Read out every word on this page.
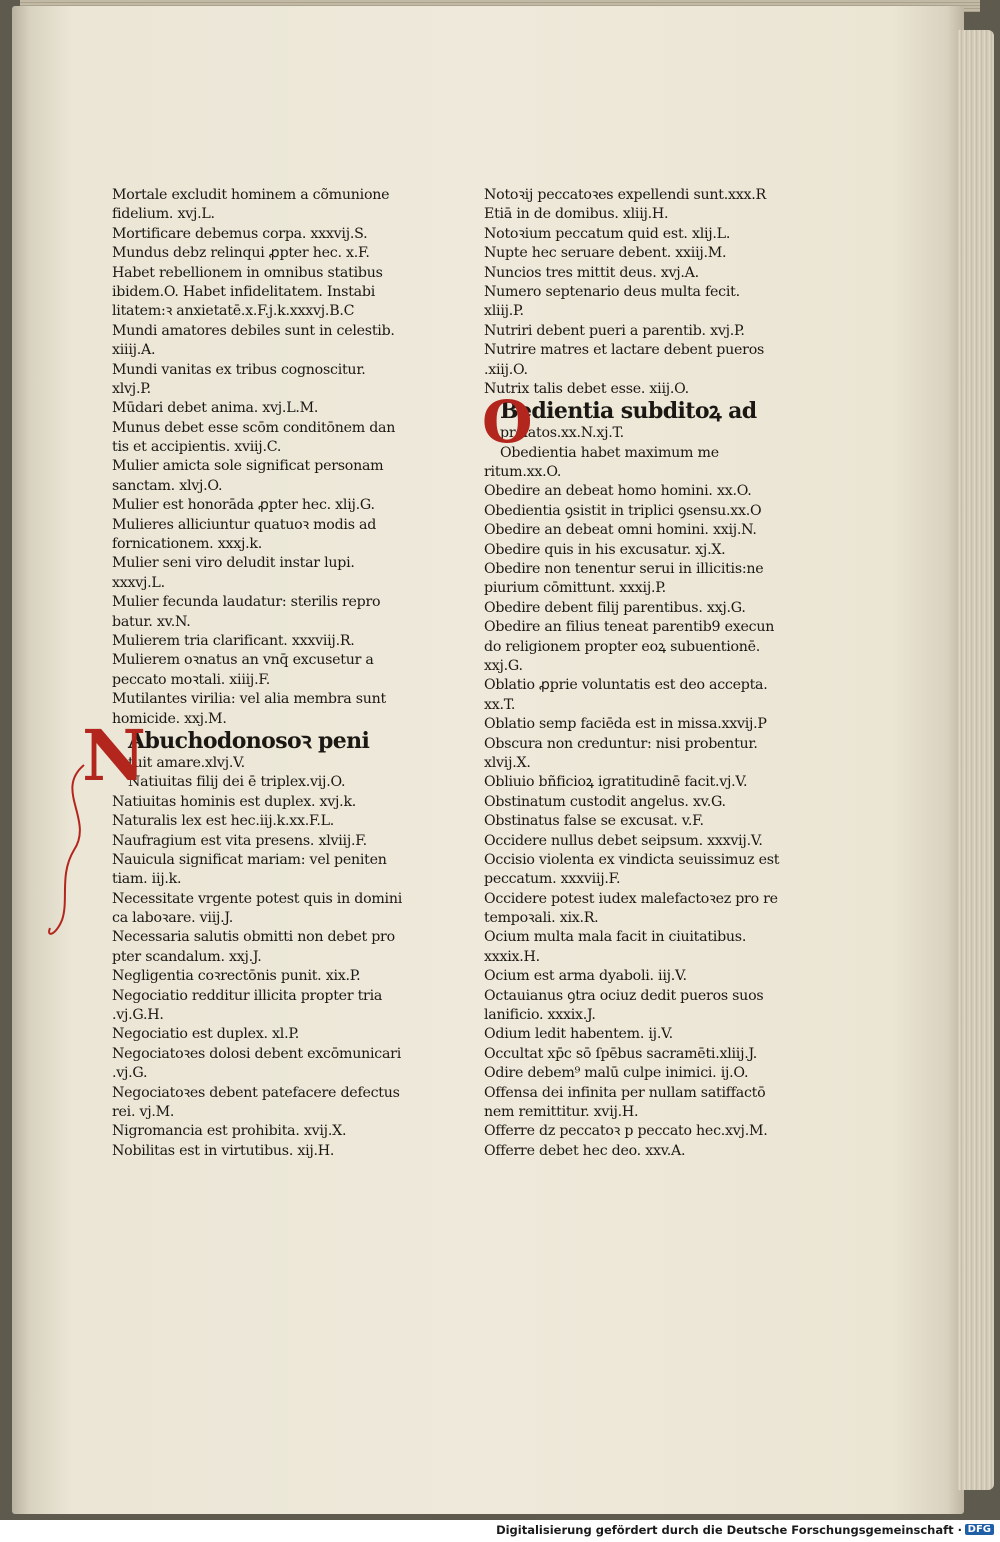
Mortale excludit hominem a cõmunione
fidelium. xvj.L.
Mortificare debemus corpa. xxxvij.S.
Mundus debz relinqui ꝓpter hec. x.F.
Habet rebellionem in omnibus statibus
ibidem.O. Habet infidelitatem. Instabi
litatem:ꝛ anxietatē.x.F.j.k.xxxvj.B.C
Mundi amatores debiles sunt in celestib.
xiiij.A.
Mundi vanitas ex tribus cognoscitur.
xlvj.P.
Mūdari debet anima. xvj.L.M.
Munus debet esse scōm conditōnem dan
tis et accipientis. xviij.C.
Mulier amicta sole significat personam
sanctam. xlvj.O.
Mulier est honorāda ꝓpter hec. xlij.G.
Mulieres alliciuntur quatuoꝛ modis ad
fornicationem. xxxj.k.
Mulier seni viro deludit instar lupi.
xxxvj.L.
Mulier fecunda laudatur: sterilis repro
batur. xv.N.
Mulierem tria clarificant. xxxviij.R.
Mulierem oꝛnatus an vnq̄ excusetur a
peccato moꝛtali. xiiij.F.
Mutilantes virilia: vel alia membra sunt
homicide. xxj.M.
N
Abuchodonosoꝛ peni
tuit amare.xlvj.V.
Natiuitas filij dei ē triplex.vij.O.
Natiuitas hominis est duplex. xvj.k.
Naturalis lex est hec.iij.k.xx.F.L.
Naufragium est vita presens. xlviij.F.
Nauicula significat mariam: vel peniten
tiam. iij.k.
Necessitate vrgente potest quis in domini
ca laboꝛare. viij.J.
Necessaria salutis obmitti non debet pro
pter scandalum. xxj.J.
Negligentia coꝛrectōnis punit. xix.P.
Negociatio redditur illicita propter tria
.vj.G.H.
Negociatio est duplex. xl.P.
Negociatoꝛes dolosi debent excōmunicari
.vj.G.
Negociatoꝛes debent patefacere defectus
rei. vj.M.
Nigromancia est prohibita. xvij.X.
Nobilitas est in virtutibus. xij.H.
Notoꝛij peccatoꝛes expellendi sunt.xxx.R
Etiā in de domibus. xliij.H.
Notoꝛium peccatum quid est. xlij.L.
Nupte hec seruare debent. xxiij.M.
Nuncios tres mittit deus. xvj.A.
Numero septenario deus multa fecit.
xliij.P.
Nutriri debent pueri a parentib. xvj.P.
Nutrire matres et lactare debent pueros
.xiij.O.
Nutrix talis debet esse. xiij.O.
O
Bedientia subditoꝝ ad
prelatos.xx.N.xj.T.
Obedientia habet maximum me
ritum.xx.O.
Obedire an debeat homo homini. xx.O.
Obedientia ꝯsistit in triplici ꝯsensu.xx.O
Obedire an debeat omni homini. xxij.N.
Obedire quis in his excusatur. xj.X.
Obedire non tenentur serui in illicitis:ne
piurium cōmittunt. xxxij.P.
Obedire debent filij parentibus. xxj.G.
Obedire an filius teneat parentib9 execun
do religionem propter eoꝝ subuentionē.
xxj.G.
Oblatio ꝓprie voluntatis est deo accepta.
xx.T.
Oblatio semp faciēda est in missa.xxvij.P
Obscura non creduntur: nisi probentur.
xlvij.X.
Obliuio bñficioꝝ igratitudinē facit.vj.V.
Obstinatum custodit angelus. xv.G.
Obstinatus false se excusat. v.F.
Occidere nullus debet seipsum. xxxvij.V.
Occisio violenta ex vindicta seuissimuz est
peccatum. xxxviij.F.
Occidere potest iudex malefactoꝛez pro re
tempoꝛali. xix.R.
Ocium multa mala facit in ciuitatibus.
xxxix.H.
Ocium est arma dyaboli. iij.V.
Octauianus ꝯtra ociuz dedit pueros suos
lanificio. xxxix.J.
Odium ledit habentem. ij.V.
Occultat xp̄c sō ſpēbus sacramēti.xliij.J.
Odire debem⁹ malū culpe inimici. ij.O.
Offensa dei infinita per nullam satiffactō
nem remittitur. xvij.H.
Offerre dz peccatoꝛ p peccato hec.xvj.M.
Offerre debet hec deo. xxv.A.
Digitalisierung gefördert durch die Deutsche Forschungsgemeinschaft · DFG
